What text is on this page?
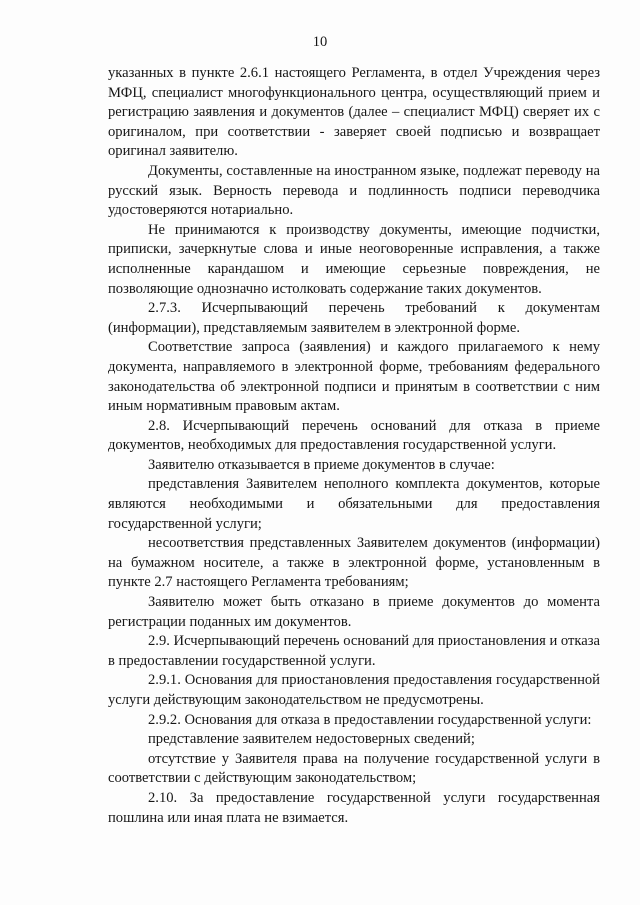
10

указанных в пункте 2.6.1 настоящего Регламента, в отдел Учреждения через МФЦ, специалист многофункционального центра, осуществляющий прием и регистрацию заявления и документов (далее – специалист МФЦ) сверяет их с оригиналом, при соответствии - заверяет своей подписью и возвращает оригинал заявителю.

Документы, составленные на иностранном языке, подлежат переводу на русский язык. Верность перевода и подлинность подписи переводчика удостоверяются нотариально.

Не принимаются к производству документы, имеющие подчистки, приписки, зачеркнутые слова и иные неоговоренные исправления, а также исполненные карандашом и имеющие серьезные повреждения, не позволяющие однозначно истолковать содержание таких документов.

2.7.3. Исчерпывающий перечень требований к документам (информации), представляемым заявителем в электронной форме.

Соответствие запроса (заявления) и каждого прилагаемого к нему документа, направляемого в электронной форме, требованиям федерального законодательства об электронной подписи и принятым в соответствии с ним иным нормативным правовым актам.

2.8. Исчерпывающий перечень оснований для отказа в приеме документов, необходимых для предоставления государственной услуги.

Заявителю отказывается в приеме документов в случае:

представления Заявителем неполного комплекта документов, которые являются необходимыми и обязательными для предоставления государственной услуги;

несоответствия представленных Заявителем документов (информации) на бумажном носителе, а также в электронной форме, установленным в пункте 2.7 настоящего Регламента требованиям;

Заявителю может быть отказано в приеме документов до момента регистрации поданных им документов.

2.9. Исчерпывающий перечень оснований для приостановления и отказа в предоставлении государственной услуги.

2.9.1. Основания для приостановления предоставления государственной услуги действующим законодательством не предусмотрены.

2.9.2. Основания для отказа в предоставлении государственной услуги:

представление заявителем недостоверных сведений;

отсутствие у Заявителя права на получение государственной услуги в соответствии с действующим законодательством;

2.10. За предоставление государственной услуги государственная пошлина или иная плата не взимается.
